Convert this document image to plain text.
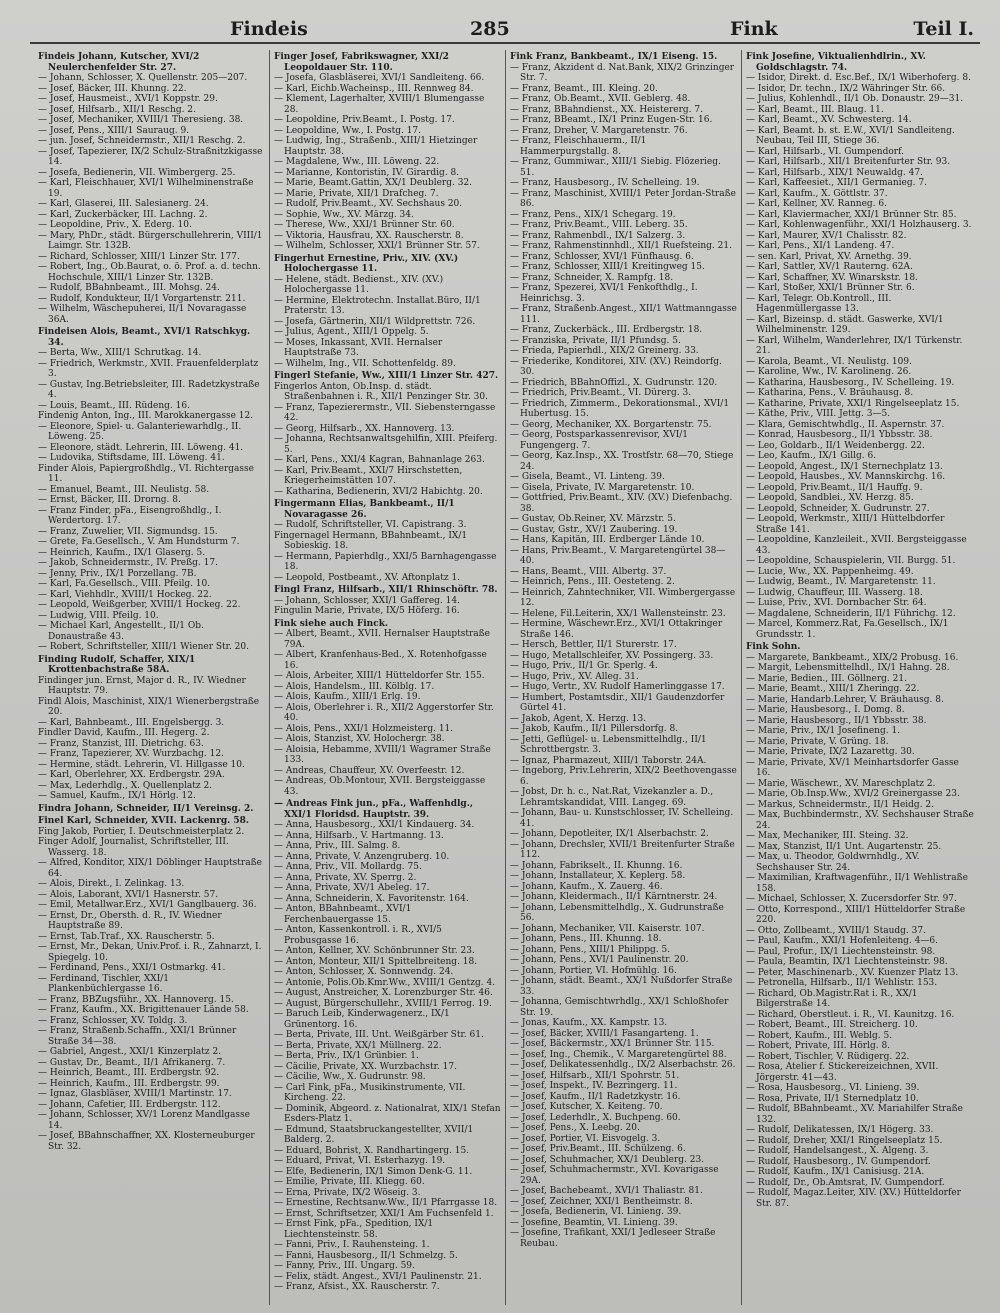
Findeis	285	Fink	Teil I.

Findeis Johann, Kutscher, XVI/2 Neulerchenfelder Str. 27.

— Johann, Schlosser, X. Quellenstr. 205—207.

— Josef, Bäcker, III. Khunng. 22.

— Josef, Hausmeist., XVI/1 Koppstr. 29.

— Josef, Hilfsarb., XII/1 Reschg. 2.

— Josef, Mechaniker, XVIII/1 Theresieng. 38.

— Josef, Pens., XIII/1 Sauraug. 9.

— jun. Josef, Schneidermstr., XII/1 Reschg. 2.

— Josef, Tapezierer, IX/2 Schulz-Straßnitzkigasse 14.

— Josefa, Bedienerin, VII. Wimbergerg. 25.

— Karl, Fleischhauer, XVI/1 Wilhelminenstraße 19.

— Karl, Glaserei, III. Salesianerg. 24.

— Karl, Zuckerbäcker, III. Lachng. 2.

— Leopoldine, Priv., X. Ederg. 10.

— Mary, PhDr., städt. Bürgerschullehrerin, VIII/1 Laimgr. Str. 132B.

— Richard, Schlosser, XIII/1 Linzer Str. 177.

— Robert, Ing., Ob.Baurat, o. ö. Prof. a. d. techn. Hochschule, XIII/1 Linzer Str. 132B.

— Rudolf, BBahnbeamt., III. Mohsg. 24.

— Rudolf, Kondukteur, II/1 Vorgartenstr. 211.

— Wilhelm, Wäschepuherei, II/1 Novaragasse 36A.

Findeisen Alois, Beamt., XVI/1 Ratschkyg. 34.

— Berta, Ww., XIII/1 Schrutkag. 14.

— Friedrich, Werkmstr., XVII. Frauenfelderplatz 3.

— Gustav, Ing.Betriebsleiter, III. Radetzkystraße 4.

— Louis, Beamt., III. Rüdeng. 16.

Findenig Anton, Ing., III. Marokkanergasse 12.

— Eleonore, Spiel- u. Galanteriewarhdlg., II. Löweng. 25.

— Eleonore, städt. Lehrerin, III. Löweng. 41.

— Ludovika, Stiftsdame, III. Löweng. 41.

Finder Alois, Papiergroßhdlg., VI. Richtergasse 11.

— Emanuel, Beamt., III. Neulistg. 58.

— Ernst, Bäcker, III. Drorng. 8.

— Franz Finder, pFa., Eisengroßhdlg., I. Werdertorg. 17.

— Franz, Zuwelier, VII. Sigmundsg. 15.

— Grete, Fa.Gesellsch., V. Am Hundsturm 7.

— Heinrich, Kaufm., IX/1 Glaserg. 5.

— Jakob, Schneidermstr., IV. Preßg. 17.

— Jenny, Priv., IX/1 Porzellang. 7B.

— Karl, Fa.Gesellsch., VIII. Pfeilg. 10.

— Karl, Viehhdlr., XVIII/1 Hockeg. 22.

— Leopold, Weißgerber, XVIII/1 Hockeg. 22.

— Ludwig, VIII. Pfeilg. 10.

— Michael Karl, Angestellt., II/1 Ob. Donaustraße 43.

— Robert, Schriftsteller, XIII/1 Wiener Str. 20.

Finding Rudolf, Schaffer, XIX/1 Krottenbachstraße 58A.

Findinger jun. Ernst, Major d. R., IV. Wiedner Hauptstr. 79.

Findl Alois, Maschinist, XIX/1 Wienerbergstraße 20.

— Karl, Bahnbeamt., III. Engelsbergg. 3.

Findler David, Kaufm., III. Hegerg. 2.

— Franz, Stanzist, III. Dietrichg. 63.

— Franz, Tapezierer, XV. Wurzbachg. 12.

— Hermine, städt. Lehrerin, VI. Hillgasse 10.

— Karl, Oberlehrer, XX. Erdbergstr. 29A.

— Max, Lederhdlg., X. Quellenplatz 2.

— Samuel, Kaufm., IX/1 Hörlg. 12.

Findra Johann, Schneider, II/1 Vereinsg. 2.

Finel Karl, Schneider, XVII. Lackenrg. 58.

Fing Jakob, Portier, I. Deutschmeisterplatz 2.

Finger Adolf, Journalist, Schriftsteller, III. Wasserg. 18.

— Alfred, Konditor, XIX/1 Döblinger Hauptstraße 64.

— Alois, Direkt., I. Zelinkag. 13.

— Alois, Laborant, XVI/1 Hasnerstr. 57.

— Emil, Metallwar.Erz., XVI/1 Ganglbauerg. 36.

— Ernst, Dr., Obersth. d. R., IV. Wiedner Hauptstraße 89.

— Ernst, Tab.Traf., XX. Rauscherstr. 5.

— Ernst, Mr., Dekan, Univ.Prof. i. R., Zahnarzt, I. Spiegelg. 10.

— Ferdinand, Pens., XXI/1 Ostmarkg. 41.

— Ferdinand, Tischler, XXI/1 Plankenbüchlergasse 16.

— Franz, BBZugsführ., XX. Hannoverg. 15.

— Franz, Kaufm., XX. Brigittenauer Lände 58.

— Franz, Schlosser, XV. Toldg. 3.

— Franz, Straßenb.Schaffn., XXI/1 Brünner Straße 34—38.

— Gabriel, Angest., XXI/1 Kinzerplatz 2.

— Gustav, Dr., Beamt., II/1 Afrikanerg. 7.

— Heinrich, Beamt., III. Erdbergstr. 92.

— Heinrich, Kaufm., III. Erdbergstr. 99.

— Ignaz, Glasbläser, XVIII/1 Martinstr. 17.

— Johann, Cafetier, III. Erdbergstr. 112.

— Johann, Schlosser, XV/1 Lorenz Mandlgasse 14.

— Josef, BBahnschaffner, XX. Klosterneuburger Str. 32.

Finger Josef, Fabrikswagner, XXI/2 Leopoldauer Str. 110.

— Josefa, Glasbläserei, XVI/1 Sandleiteng. 66.

— Karl, Eichb.Wacheinsp., III. Rennweg 84.

— Klement, Lagerhalter, XVIII/1 Blumengasse 28.

— Leopoldine, Priv.Beamt., I. Postg. 17.

— Leopoldine, Ww., I. Postg. 17.

— Ludwig, Ing., Straßenb., XIII/1 Hietzinger Hauptstr. 38.

— Magdalene, Ww., III. Löweng. 22.

— Marianne, Kontoristin, IV. Girardig. 8.

— Marie, Beamt.Gattin, XX/1 Deublerg. 32.

— Marie, Private, XII/1 Drafcheg. 7.

— Rudolf, Priv.Beamt., XV. Sechshaus 20.

— Sophie, Ww., XV. Märzg. 34.

— Therese, Ww., XXI/1 Brünner Str. 60.

— Viktoria, Hausfrau, XX. Rauscherstr. 8.

— Wilhelm, Schlosser, XXI/1 Brünner Str. 57.

Fingerhut Ernestine, Priv., XIV. (XV.) Holochergasse 11.

— Helene, städt. Bedienst., XIV. (XV.) Holochergasse 11.

— Hermine, Elektrotechn. Installat.Büro, II/1 Praterstr. 13.

— Josefa, Gärtnerin, XII/1 Wildprettstr. 726.

— Julius, Agent., XIII/1 Oppelg. 5.

— Moses, Inkassant, XVII. Hernalser Hauptstraße 73.

— Wilhelm, Ing., VII. Schottenfeldg. 89.

Fingerl Stefanie, Ww., XIII/1 Linzer Str. 427.

Fingerlos Anton, Ob.Insp. d. städt. Straßenbahnen i. R., XII/1 Penzinger Str. 30.

— Franz, Tapezierermstr., VII. Siebensterngasse 42.

— Georg, Hilfsarb., XX. Hannoverg. 13.

— Johanna, Rechtsanwaltsgehilfin, XIII. Pfeiferg. 5.

— Karl, Pens., XXI/4 Kagran, Bahnanlage 263.

— Karl, Priv.Beamt., XXI/7 Hirschstetten, Kriegerheimstätten 107.

— Katharina, Bedienerin, XVI/2 Habichtg. 20.

Fingermann Elias, Bankbeamt., II/1 Novaragasse 26.

— Rudolf, Schriftsteller, VI. Capistrang. 3.

Fingernagel Hermann, BBahnbeamt., IX/1 Sobieskig. 18.

— Hermann, Papierhdlg., XXI/5 Barnhagengasse 18.

— Leopold, Postbeamt., XV. Aftonplatz 1.

Fingl Franz, Hilfsarb., XII/1 Rhinschöftr. 78.

— Johann, Schlosser, XXI/1 Gaffereg. 14.

Fingulin Marie, Private, IX/5 Höferg. 16.

Fink siehe auch Finck.

— Albert, Beamt., XVII. Hernalser Hauptstraße 79A.

— Albert, Kranfenhaus-Bed., X. Rotenhofgasse 16.

— Alois, Arbeiter, XIII/1 Hütteldorfer Str. 155.

— Alois, Handelsm., III. Kölblg. 17.

— Alois, Kaufm., XIII/1 Erlg. 19.

— Alois, Oberlehrer i. R., XII/2 Aggerstorfer Str. 40.

— Alois, Pens., XXI/1 Holzmeisterg. 11.

— Alois, Stanzist, XV. Holochergr. 38.

— Aloisia, Hebamme, XVIII/1 Wagramer Straße 133.

— Andreas, Chauffeur, XV. Overfeestr. 12.

— Andreas, Ob.Montour, XVII. Bergsteiggasse 43.

— Andreas Fink jun., pFa., Waffenhdlg., XXI/1 Floridsd. Hauptstr. 39.

— Anna, Hausbesorg., XXI/1 Kindauerg. 34.

— Anna, Hilfsarb., V. Hartmanng. 13.

— Anna, Priv., III. Salmg. 8.

— Anna, Private, V. Anzengruberg. 10.

— Anna, Priv., VII. Mollardg. 75.

— Anna, Private, XV. Sperrg. 2.

— Anna, Private, XV/1 Abeleg. 17.

— Anna, Schneiderin, X. Favoritenstr. 164.

— Anton, BBahnbeamt., XVI/1 Ferchenbauergasse 15.

— Anton, Kassenkontroll. i. R., XVI/5 Probusgasse 16.

— Anton, Kellner, XV. Schönbrunner Str. 23.

— Anton, Monteur, XII/1 Spittelbreiteng. 18.

— Anton, Schlosser, X. Sonnwendg. 24.

— Antonie, Polis.Ob.Kmr.Ww., XVIII/1 Gentzg. 4.

— August, Anstreicher, X. Lorenzburger Str. 46.

— August, Bürgerschullehr., XVIII/1 Ferrog. 19.

— Baruch Leib, Kinderwagenerz., IX/1 Grünentorg. 16.

— Berta, Private, III. Unt. Weißgärber Str. 61.

— Berta, Private, XX/1 Müllnerg. 22.

— Berta, Priv., IX/1 Grünbier. 1.

— Cäcilie, Private, XX. Wurzbachstr. 17.

— Cäcilie, Ww., X. Gudrunstr. 98.

— Carl Fink, pFa., Musikinstrumente, VII. Kircheng. 22.

— Dominik, Abgeord. z. Nationalrat, XIX/1 Stefan Esders-Platz 1.

— Edmund, Staatsbruckangestellter, XVII/1 Balderg. 2.

— Eduard, Bohrist, X. Randhartingerg. 15.

— Eduard, Privat, VI. Esterhazyg. 19.

— Elfe, Bedienerin, IX/1 Simon Denk-G. 11.

— Emilie, Private, III. Kliegg. 60.

— Erna, Private, IX/2 Wöseig. 3.

— Ernestine, Rechtsanw.Ww., II/1 Pfarrgasse 18.

— Ernst, Schriftsetzer, XXI/1 Am Fuchsenfeld 1.

— Ernst Fink, pFa., Spedition, IX/1 Liechtensteinstr. 58.

— Fanni, Priv., I. Rauhensteing. 1.

— Fanni, Hausbesorg., II/1 Schmelzg. 5.

— Fanny, Priv., III. Ungarg. 59.

— Felix, städt. Angest., XVI/1 Paulinenstr. 21.

— Franz, Afsist., XX. Rauscherstr. 7.

Fink Franz, Bankbeamt., IX/1 Eiseng. 15.

— Franz, Akzident d. Nat.Bank, XIX/2 Grinzinger Str. 7.

— Franz, Beamt., III. Kleing. 20.

— Franz, Ob.Beamt., XVII. Geblerg. 48.

— Franz, BBahndienst., XX. Heistererg. 7.

— Franz, BBeamt., IX/1 Prinz Eugen-Str. 16.

— Franz, Dreher, V. Margaretenstr. 76.

— Franz, Fleischhauerm., II/1 Hammerpurgstallg. 8.

— Franz, Gummiwar., XIII/1 Siebig. Flözerieg. 51.

— Franz, Hausbesorg., IV. Schelleing. 19.

— Franz, Maschinist, XVIII/1 Peter Jordan-Straße 86.

— Franz, Pens., XIX/1 Schegarg. 19.

— Franz, Priv.Beamt., VIII. Leberg. 35.

— Franz, Rahmenbdl., IX/1 Salzerg. 3.

— Franz, Rahmenstinnhdl., XII/1 Ruefsteing. 21.

— Franz, Schlosser, XVI/1 Fünfhausg. 6.

— Franz, Schlosser, XIII/1 Kreitingweg 15.

— Franz, Schneider, X. Rampfg. 18.

— Franz, Spezerei, XVI/1 Fenkofthdlg., I. Heinrichsg. 3.

— Franz, Straßenb.Angest., XII/1 Wattmanngasse 111.

— Franz, Zuckerbäck., III. Erdbergstr. 18.

— Franziska, Private, II/1 Pfundsg. 5.

— Frieda, Papierhdl., XIX/2 Greinerg. 33.

— Friederike, Konditorei, XIV. (XV.) Reindorfg. 30.

— Friedrich, BBahnOffizl., X. Gudrunstr. 120.

— Friedrich, Priv.Beamt., VI. Dürerg. 3.

— Friedrich, Zimmerm., Dekorationsmal., XVI/1 Hubertusg. 15.

— Georg, Mechaniker, XX. Borgartenstr. 75.

— Georg, Postsparkassenrevisor, XVI/1 Fungengerg. 7.

— Georg, Kaz.Insp., XX. Trostfstr. 68—70, Stiege 24.

— Gisela, Beamt., VI. Linteng. 39.

— Gisela, Private, IV. Margaretenstr. 10.

— Gottfried, Priv.Beamt., XIV. (XV.) Diefenbachg. 38.

— Gustav, Ob.Reiner, XV. Märzstr. 5.

— Gustav, Gstr., XV/1 Zaubering. 19.

— Hans, Kapitän, III. Erdberger Lände 10.

— Hans, Priv.Beamt., V. Margaretengürtel 38—40.

— Hans, Beamt., VIII. Albertg. 37.

— Heinrich, Pens., III. Oesteteng. 2.

— Heinrich, Zahntechniker, VII. Wimbergergasse 12.

— Helene, Fil.Leiterin, XX/1 Wallensteinstr. 23.

— Hermine, Wäschewr.Erz., XVI/1 Ottakringer Straße 146.

— Hersch, Bettler, II/1 Sturerstr. 17.

— Hugo, Metallschleifer, XV. Possingerg. 33.

— Hugo, Priv., II/1 Gr. Sperlg. 4.

— Hugo, Priv., XV. Alleg. 31.

— Hugo, Vertr., XV. Rudolf Hamerlinggasse 17.

— Humbert, Postamtsdir., XII/1 Gaudenzdorfer Gürtel 41.

— Jakob, Agent, X. Herzg. 13.

— Jakob, Kaufm., II/1 Pillersdorfg. 8.

— Jetti, Geflügel- u. Lebensmittelhdlg., II/1 Schrottbergstr. 3.

— Ignaz, Pharmazeut, XIII/1 Taborstr. 24A.

— Ingeborg, Priv.Lehrerin, XIX/2 Beethovengasse 6.

— Jobst, Dr. h. c., Nat.Rat, Vizekanzler a. D., Lehramtskandidat, VIII. Langeg. 69.

— Johann, Bau- u. Kunstschlosser, IV. Schelleing. 41.

— Johann, Depotleiter, IX/1 Alserbachstr. 2.

— Johann, Drechsler, XVII/1 Breitenfurter Straße 112.

— Johann, Fabrikselt., II. Khunng. 16.

— Johann, Installateur, X. Keplerg. 58.

— Johann, Kaufm., X. Zauerg. 46.

— Johann, Kleidermach., II/1 Kärntnerstr. 24.

— Johann, Lebensmittelhdlg., X. Gudrunstraße 56.

— Johann, Mechaniker, VII. Kaiserstr. 107.

— Johann, Pens., III. Khunng. 18.

— Johann, Pens., XIII/1 Philippg. 5.

— Johann, Pens., XVI/1 Paulinenstr. 20.

— Johann, Portier, VI. Hofmühlg. 16.

— Johann, städt. Beamt., XX/1 Nußdorfer Straße 33.

— Johanna, Gemischtwrhdlg., XX/1 Schloßhofer Str. 19.

— Jonas, Kaufm., XX. Kampstr. 13.

— Josef, Bäcker, XVIII/1 Fasangarteng. 1.

— Josef, Bäckermstr., XX/1 Brünner Str. 115.

— Josef, Ing., Chemik., V. Margaretengürtel 88.

— Josef, Delikatessenhdlg., IX/2 Alserbachstr. 26.

— Josef, Hilfsarb., XII/1 Spohrstr. 51.

— Josef, Inspekt., IV. Bezringerg. 11.

— Josef, Kaufm., II/1 Radetzkystr. 16.

— Josef, Kutscher, X. Keiteng. 70.

— Josef, Lederhdlr., X. Buchpeng. 60.

— Josef, Pens., X. Leebg. 20.

— Josef, Portier, VI. Eisvogelg. 3.

— Josef, Priv.Beamt., III. Schülzeng. 6.

— Josef, Schuhmacher, XX/1 Deublerg. 23.

— Josef, Schuhmachermstr., XVI. Kovarigasse 29A.

— Josef, Bachebeamt., XVI/1 Thaliastr. 81.

— Josef, Zeichner, XXI/1 Bentheimstr. 8.

— Josefa, Bedienerin, VI. Linieng. 39.

— Josefine, Beamtin, VI. Linieng. 39.

— Josefine, Trafikant, XXI/1 Jedleseer Straße Reubau.

Fink Josefine, Viktualienhdlrin., XV. Goldschlagstr. 74.

— Isidor, Direkt. d. Esc.Bef., IX/1 Wiberhoferg. 8.

— Isidor, Dr. techn., IX/2 Währinger Str. 66.

— Julius, Kohlenhdl., II/1 Ob. Donaustr. 29—31.

— Karl, Beamt., III. Blaug. 11.

— Karl, Beamt., XV. Schwesterg. 14.

— Karl, Beamt. b. st. E.W., XVI/1 Sandleiteng. Neubau, Teil III, Stiege 36.

— Karl, Hilfsarb., VI. Gumpendorf.

— Karl, Hilfsarb., XII/1 Breitenfurter Str. 93.

— Karl, Hilfsarb., XIX/1 Neuwaldg. 47.

— Karl, Kaffeesiet., XII/1 Germanieg. 7.

— Karl, Kaufm., X. Göttlstr. 37.

— Karl, Kellner, XV. Ranneg. 6.

— Karl, Klaviermacher, XXI/1 Brünner Str. 85.

— Karl, Kohlenwagenführ., XXI/1 Holzhauserg. 3.

— Karl, Maurer, XV/1 Chalisstr. 82.

— Karl, Pens., XI/1 Landeng. 47.

— sen. Karl, Privat, XV. Arnethg. 39.

— Karl, Sattler, XV/1 Rauterng. 62A.

— Karl, Schaffner, XV. Winarskstr. 18.

— Karl, Stoßer, XXI/1 Brünner Str. 6.

— Karl, Telegr. Ob.Kontroll., III. Hagenmüllergasse 13.

— Karl, Bizeinsp. d. städt. Gaswerke, XVI/1 Wilhelminenstr. 129.

— Karl, Wilhelm, Wanderlehrer, IX/1 Türkenstr. 21.

— Karola, Beamt., VI. Neulistg. 109.

— Karoline, Ww., IV. Karolineng. 26.

— Katharina, Hausbesorg., IV. Schelleing. 19.

— Katharina, Pens., V. Bräuhausg. 8.

— Katharine, Private, XXI/1 Ringelseeplatz 15.

— Käthe, Priv., VIII. Jettg. 3—5.

— Klara, Gemischtwhdlg., II. Aspernstr. 37.

— Konrad, Hausbesorg., II/1 Ybbsstr. 38.

— Leo, Goldarb., II/1 Weidenbergg. 22.

— Leo, Kaufm., IX/1 Gillg. 6.

— Leopold, Angest., IX/1 Sternechplatz 13.

— Leopold, Hausbes., XV. Mannskirchg. 16.

— Leopold, Priv.Beamt., II/1 Hauffg. 9.

— Leopold, Sandblei., XV. Herzg. 85.

— Leopold, Schneider, X. Gudrunstr. 27.

— Leopold, Werkmstr., XIII/1 Hüttelbdorfer Straße 141.

— Leopoldine, Kanzleileit., XVII. Bergsteiggasse 43.

— Leopoldine, Schauspielerin, VII. Burgg. 51.

— Lucie, Ww., XX. Pappenheimg. 49.

— Ludwig, Beamt., IV. Margaretenstr. 11.

— Ludwig, Chauffeur, III. Wasserg. 18.

— Luise, Priv., XVI. Dornbacher Str. 64.

— Magdalene, Schneiderin, II/1 Führichg. 12.

— Marcel, Kommerz.Rat, Fa.Gesellsch., IX/1 Grundsstr. 1.

Fink Sohn.

— Margarete, Bankbeamt., XIX/2 Probusg. 16.

— Margit, Lebensmittelhdl., IX/1 Hahng. 28.

— Marie, Bedien., III. Göllnerg. 21.

— Marie, Beamt., XIII/1 Zheringg. 22.

— Marie, Handarb.Lehrer, V. Bräuhausg. 8.

— Marie, Hausbesorg., I. Domg. 8.

— Marie, Hausbesorg., II/1 Ybbsstr. 38.

— Marie, Priv., IX/1 Josefineng. 1.

— Marie, Private, V. Grüng. 18.

— Marie, Private, IX/2 Lazarettg. 30.

— Marie, Private, XV/1 Meinhartsdorfer Gasse 16.

— Marie, Wäschewr., XV. Mareschplatz 2.

— Marie, Ob.Insp.Ww., XVI/2 Greinergasse 23.

— Markus, Schneidermstr., II/1 Heidg. 2.

— Max, Buchbindermstr., XV. Sechshauser Straße 24.

— Max, Mechaniker, III. Steing. 32.

— Max, Stanzist, II/1 Unt. Augartenstr. 25.

— Max, u. Theodor, Goldwrnhdlg., XV. Sechshauser Str. 24.

— Maximilian, Kraftwagenführ., II/1 Wehlistraße 158.

— Michael, Schlosser, X. Zucersdorfer Str. 97.

— Otto, Korrespond., XIII/1 Hütteldorfer Straße 220.

— Otto, Zollbeamt., XVIII/1 Staudg. 37.

— Paul, Kaufm., XXI/1 Hofenleiteng. 4—6.

— Paul, Profur., IX/1 Liechtensteinstr. 98.

— Paula, Beamtin, IX/1 Liechtensteinstr. 98.

— Peter, Maschinenarb., XV. Kuenzer Platz 13.

— Petronella, Hilfsarb., II/1 Wehlistr. 153.

— Richard, Ob.Magistr.Rat i. R., XX/1 Bilgerstraße 14.

— Richard, Oberstleut. i. R., VI. Kaunitzg. 16.

— Robert, Beamt., III. Streicherg. 10.

— Robert, Kaufm., III. Weblg. 5.

— Robert, Private, III. Hörlg. 8.

— Robert, Tischler, V. Rüdigerg. 22.

— Rosa, Atelier f. Stickereizeichnen, XVII. Jörgerstr. 41—43.

— Rosa, Hausbesorg., VI. Linieng. 39.

— Rosa, Private, II/1 Sternedplatz 10.

— Rudolf, BBahnbeamt., XV. Mariahilfer Straße 132.

— Rudolf, Delikatessen, IX/1 Högerg. 33.

— Rudolf, Dreher, XXI/1 Ringelseeplatz 15.

— Rudolf, Handelsangest., X. Algeng. 3.

— Rudolf, Hausbesorg., IV. Gumpendorf.

— Rudolf, Kaufm., IX/1 Canisiusg. 21A.

— Rudolf, Dr., Ob.Amtsrat, IV. Gumpendorf.

— Rudolf, Magaz.Leiter, XIV. (XV.) Hütteldorfer Str. 87.
